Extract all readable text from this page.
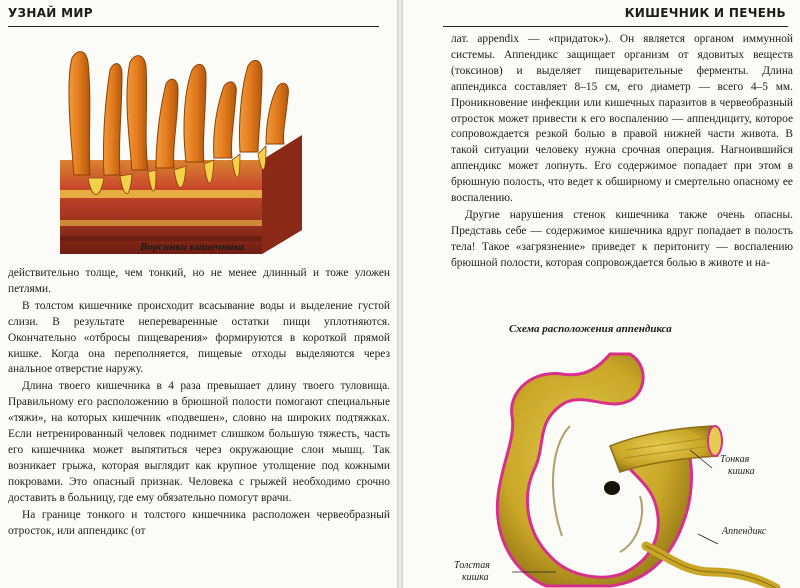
УЗНАЙ МИР
Ворсинки кишечника

действительно толще, чем тонкий, но не менее длинный и тоже уложен петлями.

В толстом кишечнике происходит всасывание воды и выделение густой слизи. В результате неперевaренные остатки пищи уплотняются. Окончательно «отбросы пищеварения» формируются в короткой прямой кишке. Когда она переполняется, пищевые отходы выделяются через анальное отверстие наружу.

Длина твоего кишечника в 4 раза превышает длину твоего туловища. Правильному его расположению в брюшной полости помогают специальные «тяжи», на которых кишечник «подвешен», словно на широких подтяжках. Если нетренированный человек поднимет слишком большую тяжесть, часть его кишечника может выпятиться через окружающие слои мышц. Так возникает грыжа, которая выглядит как крупное утолщение под кожными покровами. Это опасный признак. Человека с грыжей необходимо срочно доставить в больницу, где ему обязательно помогут врачи.

На границе тонкого и толстого кишечника расположен червеобразный отросток, или аппендикс (от

КИШЕЧНИК И ПЕЧЕНЬ

лат. appendix — «придаток»). Он является органом иммунной системы. Аппендикс защищает организм от ядовитых веществ (токсинов) и выделяет пищеварительные ферменты. Длина аппендикса составляет 8–15 см, его диаметр — всего 4–5 мм. Проникновение инфекции или кишечных паразитов в червеобразный отросток может привести к его воспалению — аппендициту, которое сопровождается резкой болью в правой нижней части живота. В такой ситуации человеку нужна срочная операция. Нагноившийся аппендикс может лопнуть. Его содержимое попадает при этом в брюшную полость, что ведет к обширному и смертельно опасному ее воспалению.

Другие нарушения стенок кишечника также очень опасны. Представь себе — содержимое кишечника вдруг попадает в полость тела! Такое «загрязнение» приведет к перитониту — воспалению брюшной полости, которая сопровождается болью в животе и на-

Схема расположения аппендикса
Тонкая
кишка
Аппендикс
Толстая
кишка
